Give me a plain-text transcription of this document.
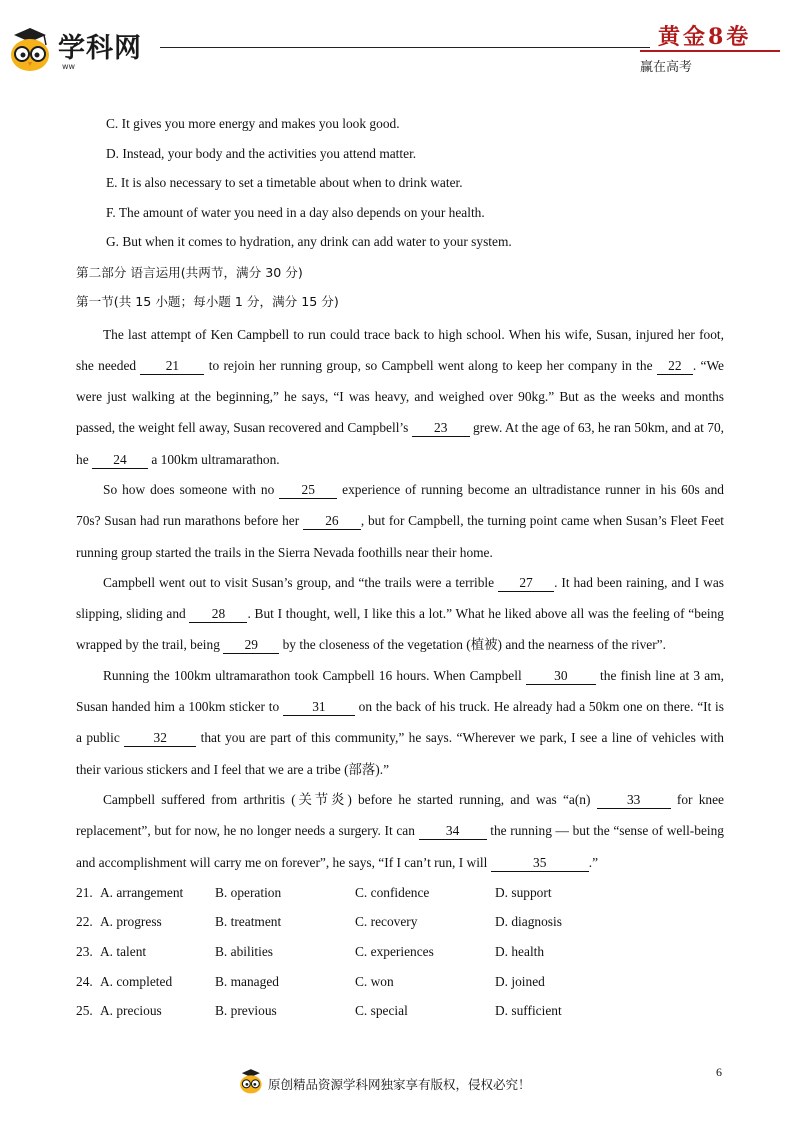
学科网
ww
黄金8卷
赢在高考
C. It gives you more energy and makes you look good.
D. Instead, your body and the activities you attend matter.
E. It is also necessary to set a timetable about when to drink water.
F. The amount of water you need in a day also depends on your health.
G. But when it comes to hydration, any drink can add water to your system.
第二部分 语言运用(共两节，满分 30 分)
第一节(共 15 小题；每小题 1 分，满分 15 分)

The last attempt of Ken Campbell to run could trace back to high school. When his wife, Susan, injured her foot, she needed 21 to rejoin her running group, so Campbell went along to keep her company in the 22 . “We were just walking at the beginning,” he says, “I was heavy, and weighed over 90kg.” But as the weeks and months passed, the weight fell away, Susan recovered and Campbell’s 23 grew. At the age of 63, he ran 50km, and at 70, he 24 a 100km ultramarathon.

So how does someone with no 25 experience of running become an ultradistance runner in his 60s and 70s? Susan had run marathons before her 26 , but for Campbell, the turning point came when Susan’s Fleet Feet running group started the trails in the Sierra Nevada foothills near their home.

Campbell went out to visit Susan’s group, and “the trails were a terrible 27 . It had been raining, and I was slipping, sliding and 28 . But I thought, well, I like this a lot.” What he liked above all was the feeling of “being wrapped by the trail, being 29 by the closeness of the vegetation (植被) and the nearness of the river”.

Running the 100km ultramarathon took Campbell 16 hours. When Campbell 30 the finish line at 3 am, Susan handed him a 100km sticker to 31 on the back of his truck. He already had a 50km one on there. “It is a public 32 that you are part of this community,” he says. “Wherever we park, I see a line of vehicles with their various stickers and I feel that we are a tribe (部落).”

Campbell suffered from arthritis (关节炎) before he started running, and was “a(n) 33 for knee replacement”, but for now, he no longer needs a surgery. It can 34 the running — but the “sense of well-being and accomplishment will carry me on forever”, he says, “If I can’t run, I will	35	.”

21. A. arrangement B. operation	C. confidence	D. support
22. A. progress	B. treatment	C. recovery	D. diagnosis
23. A. talent	B. abilities	C. experiences	D. health
24. A. completed	B. managed	C. won	D. joined
25. A. precious	B. previous	C. special	D. sufficient
原创精品资源学科网独家享有版权，侵权必究！
6
